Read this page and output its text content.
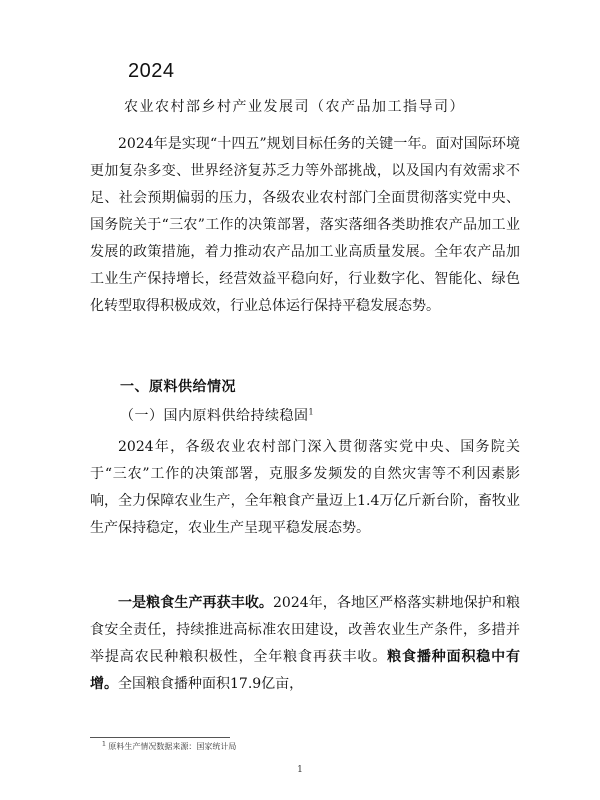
2024
农业农村部乡村产业发展司（农产品加工指导司）
2024年是实现“十四五”规划目标任务的关键一年。面对国际环境更加复杂多变、世界经济复苏乏力等外部挑战，以及国内有效需求不足、社会预期偏弱的压力，各级农业农村部门全面贯彻落实党中央、国务院关于“三农”工作的决策部署，落实落细各类助推农产品加工业发展的政策措施，着力推动农产品加工业高质量发展。全年农产品加工业生产保持增长，经营效益平稳向好，行业数字化、智能化、绿色化转型取得积极成效，行业总体运行保持平稳发展态势。
一、原料供给情况
（一）国内原料供给持续稳固$^1$
2024年，各级农业农村部门深入贯彻落实党中央、国务院关于“三农”工作的决策部署，克服多发频发的自然灾害等不利因素影响，全力保障农业生产，全年粮食产量迈上1.4万亿斤新台阶，畜牧业生产保持稳定，农业生产呈现平稳发展态势。
一是粮食生产再获丰收。2024年，各地区严格落实耕地保护和粮食安全责任，持续推进高标准农田建设，改善农业生产条件，多措并举提高农民种粮积极性，全年粮食再获丰收。粮食播种面积稳中有增。全国粮食播种面积17.9亿亩，
$^1$ 原料生产情况数据来源：国家统计局
1
